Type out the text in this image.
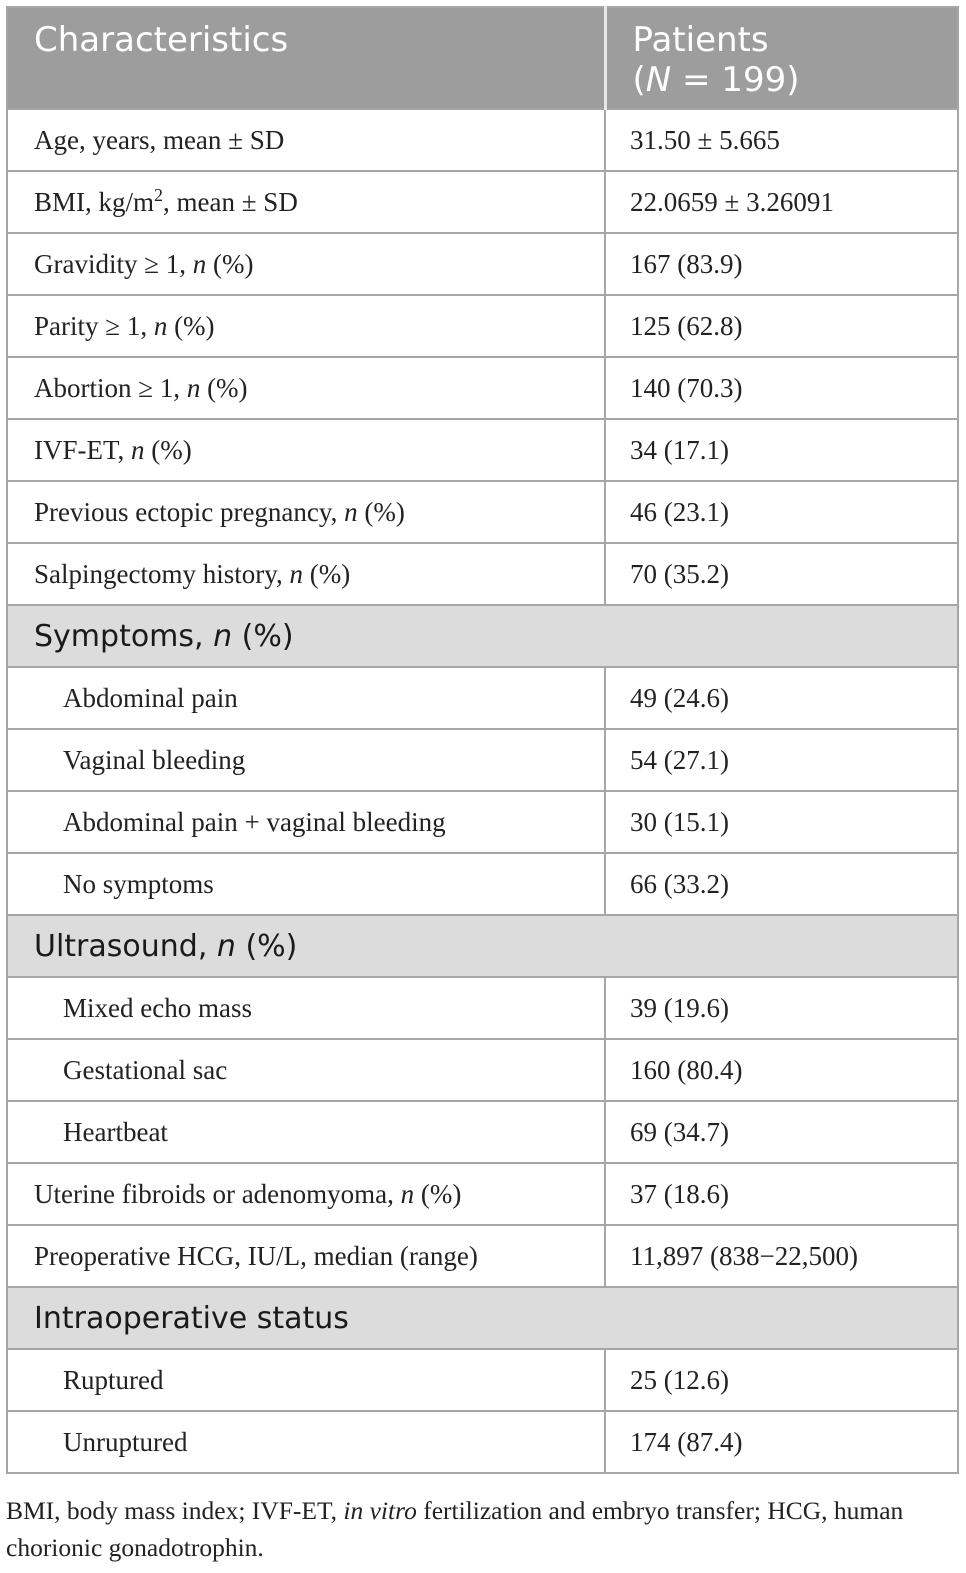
Characteristics	Patients
(N = 199)
Age, years, mean ± SD	31.50 ± 5.665
BMI, $kg/m^2$, mean ± SD	22.0659 ± 3.26091
Gravidity ≥ 1, n (%)	167 (83.9)
Parity ≥ 1, n (%)	125 (62.8)
Abortion ≥ 1, n (%)	140 (70.3)
IVF-ET, n (%)	34 (17.1)
Previous ectopic pregnancy, n (%)	46 (23.1)
Salpingectomy history, n (%)	70 (35.2)
Symptoms, n (%)	
Abdominal pain	49 (24.6)
Vaginal bleeding	54 (27.1)
Abdominal pain + vaginal bleeding	30 (15.1)
No symptoms	66 (33.2)
Ultrasound, n (%)	
Mixed echo mass	39 (19.6)
Gestational sac	160 (80.4)
Heartbeat	69 (34.7)
Uterine fibroids or adenomyoma, n (%)	37 (18.6)
Preoperative HCG, IU/L, median (range)	11,897 (838−22,500)
Intraoperative status	
Ruptured	25 (12.6)
Unruptured	174 (87.4)
BMI, body mass index; IVF-ET, in vitro fertilization and embryo transfer; HCG, human chorionic gonadotrophin.
